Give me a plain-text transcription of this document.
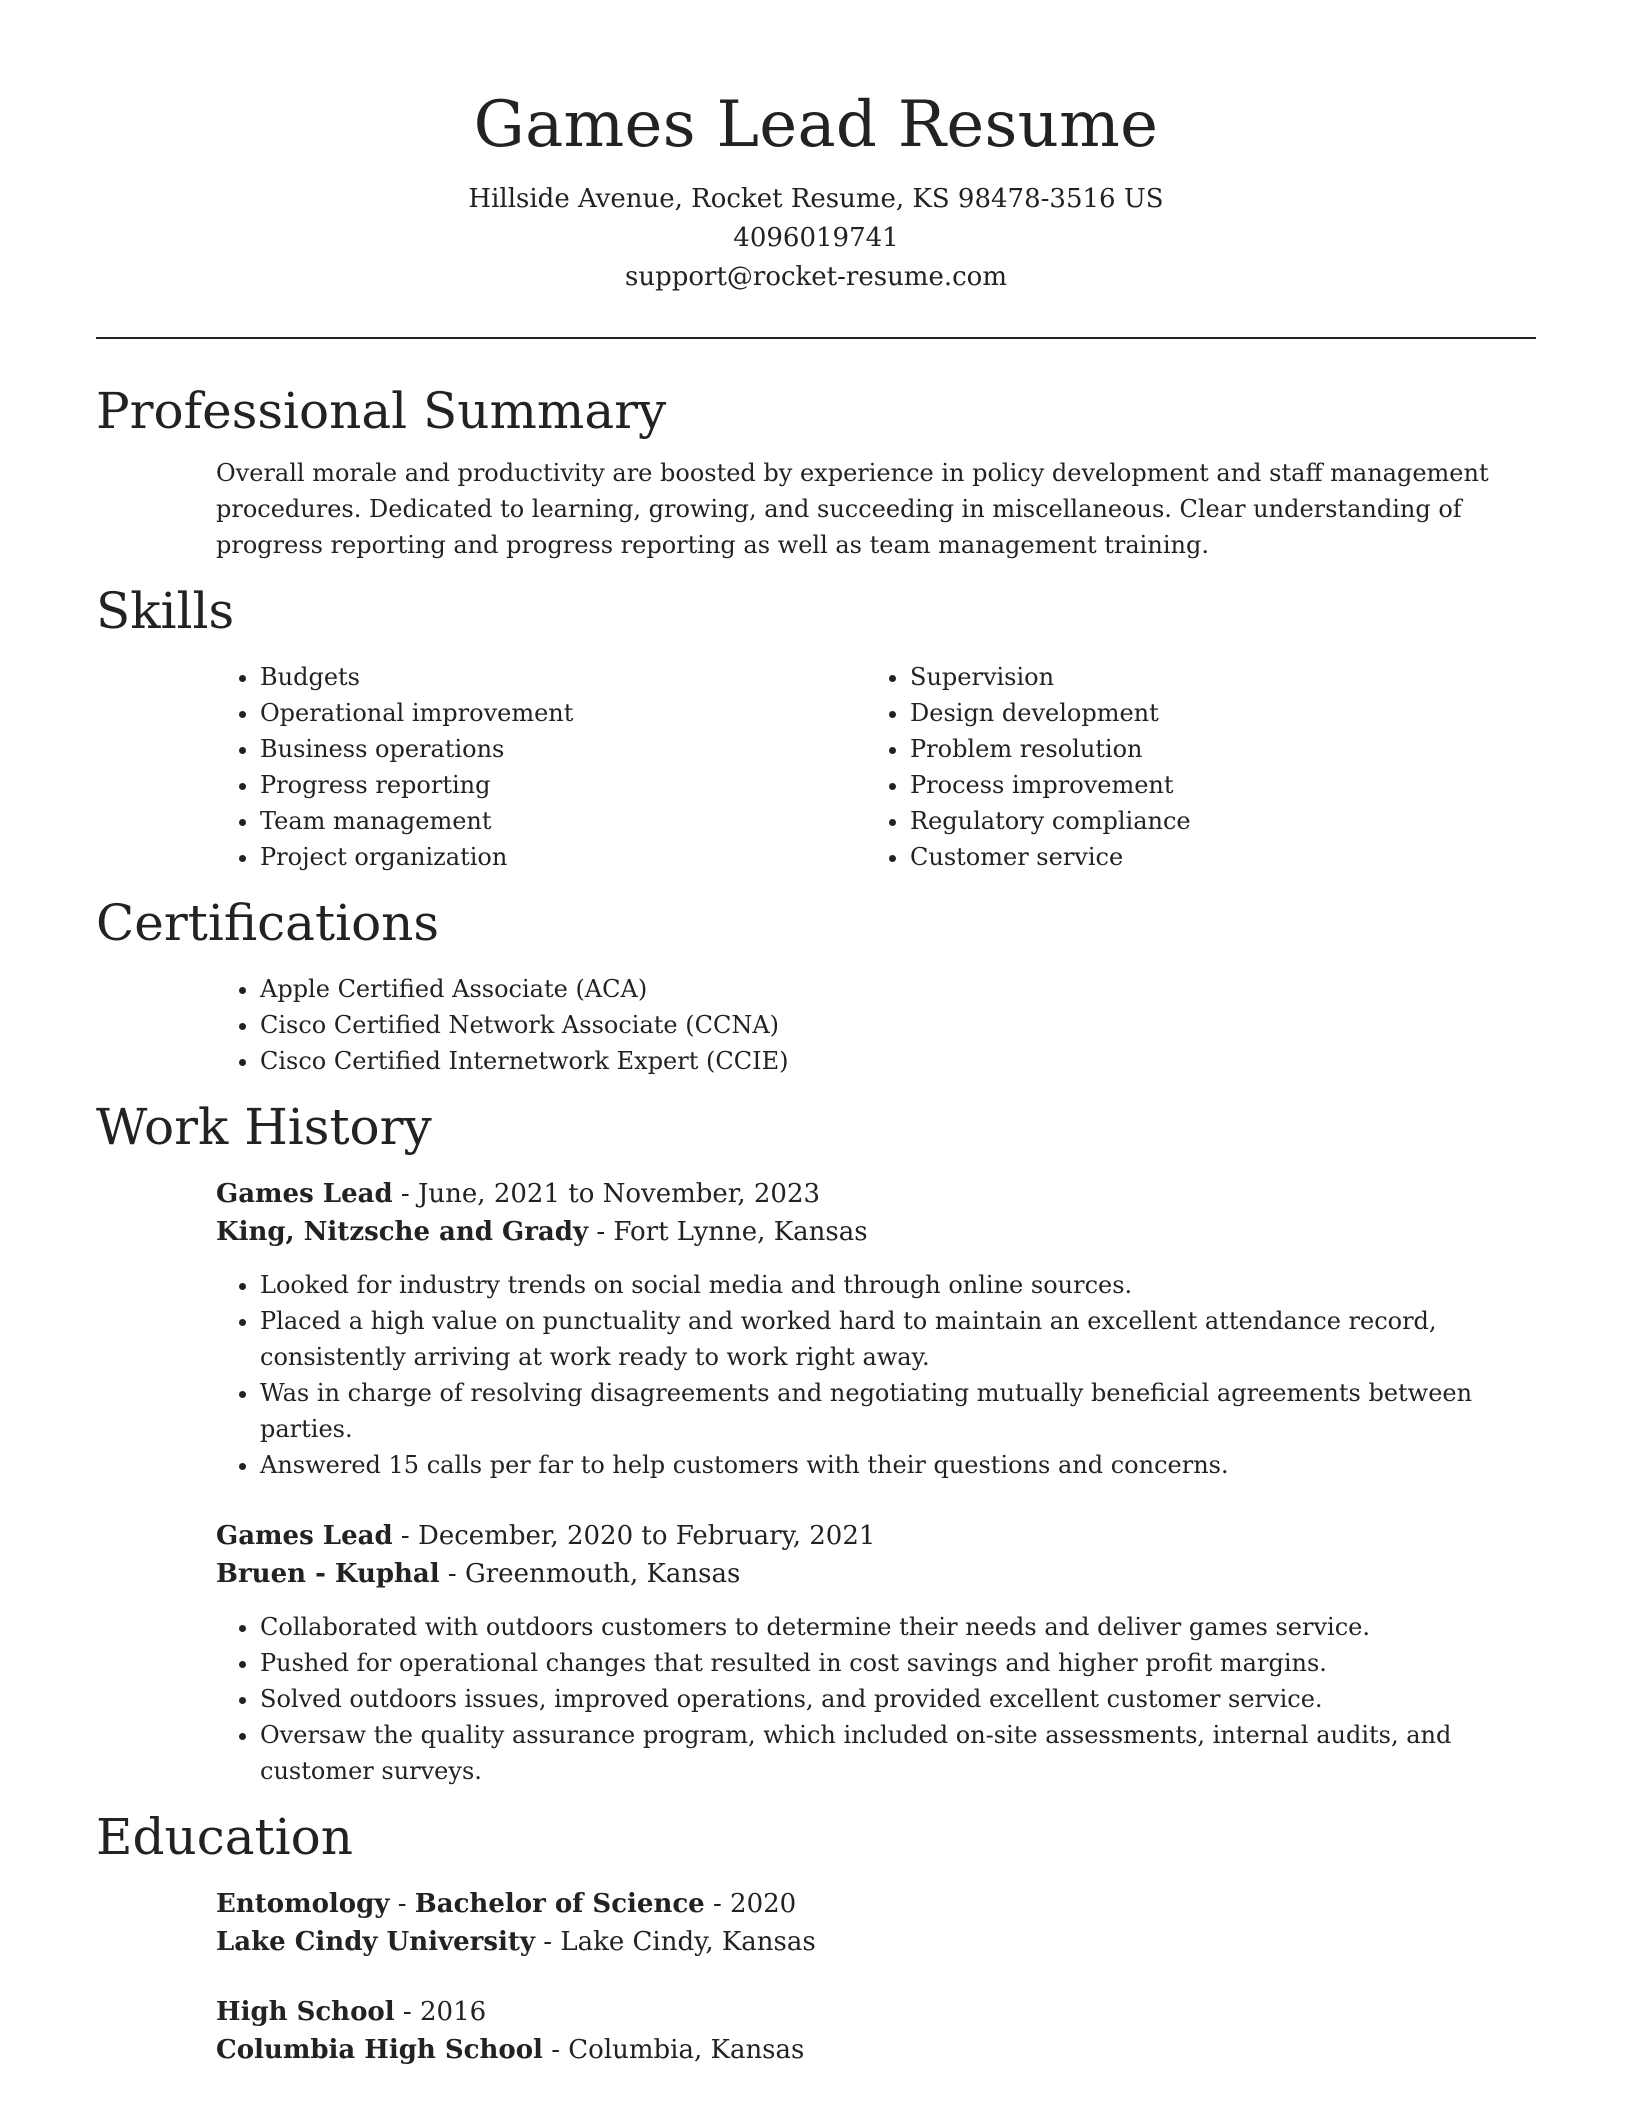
Games Lead Resume
Hillside Avenue, Rocket Resume, KS 98478-3516 US
4096019741
support@rocket-resume.com
Professional Summary
Overall morale and productivity are boosted by experience in policy development and staff management procedures. Dedicated to learning, growing, and succeeding in miscellaneous. Clear understanding of progress reporting and progress reporting as well as team management training.
Skills
• Budgets
• Operational improvement
• Business operations
• Progress reporting
• Team management
• Project organization
• Supervision
• Design development
• Problem resolution
• Process improvement
• Regulatory compliance
• Customer service
Certifications
• Apple Certified Associate (ACA)
• Cisco Certified Network Associate (CCNA)
• Cisco Certified Internetwork Expert (CCIE)
Work History
Games Lead - June, 2021 to November, 2023
King, Nitzsche and Grady - Fort Lynne, Kansas
• Looked for industry trends on social media and through online sources.
• Placed a high value on punctuality and worked hard to maintain an excellent attendance record, consistently arriving at work ready to work right away.
• Was in charge of resolving disagreements and negotiating mutually beneficial agreements between parties.
• Answered 15 calls per far to help customers with their questions and concerns.
Games Lead - December, 2020 to February, 2021
Bruen - Kuphal - Greenmouth, Kansas
• Collaborated with outdoors customers to determine their needs and deliver games service.
• Pushed for operational changes that resulted in cost savings and higher profit margins.
• Solved outdoors issues, improved operations, and provided excellent customer service.
• Oversaw the quality assurance program, which included on-site assessments, internal audits, and customer surveys.
Education
Entomology - Bachelor of Science - 2020
Lake Cindy University - Lake Cindy, Kansas
High School - 2016
Columbia High School - Columbia, Kansas
